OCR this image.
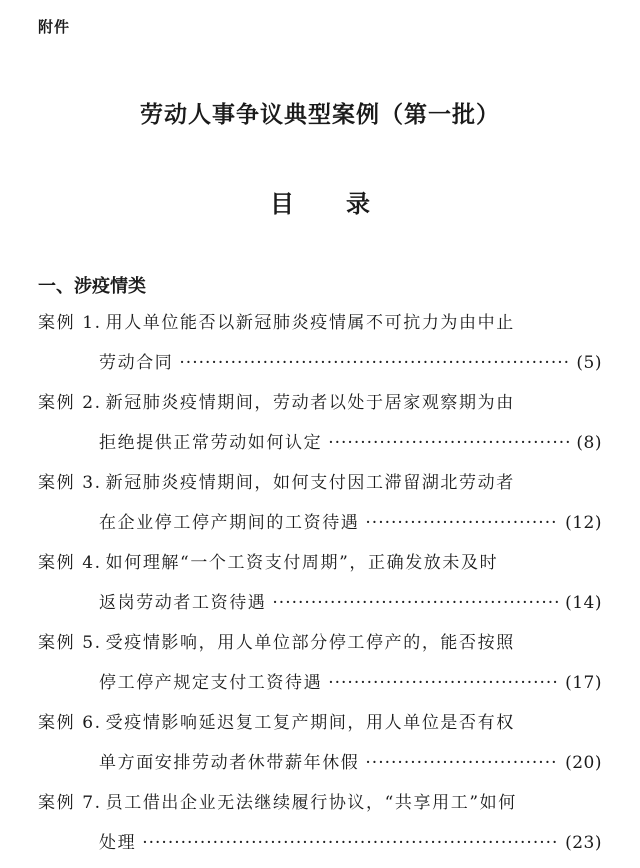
附件
劳动人事争议典型案例（第一批）
目 录
一、涉疫情类
案例 1. 用人单位能否以新冠肺炎疫情属不可抗力为由中止
劳动合同 ·····	(5)
案例 2. 新冠肺炎疫情期间，劳动者以处于居家观察期为由
拒绝提供正常劳动如何认定 ·····	(8)
案例 3. 新冠肺炎疫情期间，如何支付因工滞留湖北劳动者
在企业停工停产期间的工资待遇 ·····	(12)
案例 4. 如何理解“一个工资支付周期”，正确发放未及时
返岗劳动者工资待遇 ·····	(14)
案例 5. 受疫情影响，用人单位部分停工停产的，能否按照
停工停产规定支付工资待遇 ·····	(17)
案例 6. 受疫情影响延迟复工复产期间，用人单位是否有权
单方面安排劳动者休带薪年休假 ·····	(20)
案例 7. 员工借出企业无法继续履行协议，“共享用工”如何
处理 ·····	(23)
